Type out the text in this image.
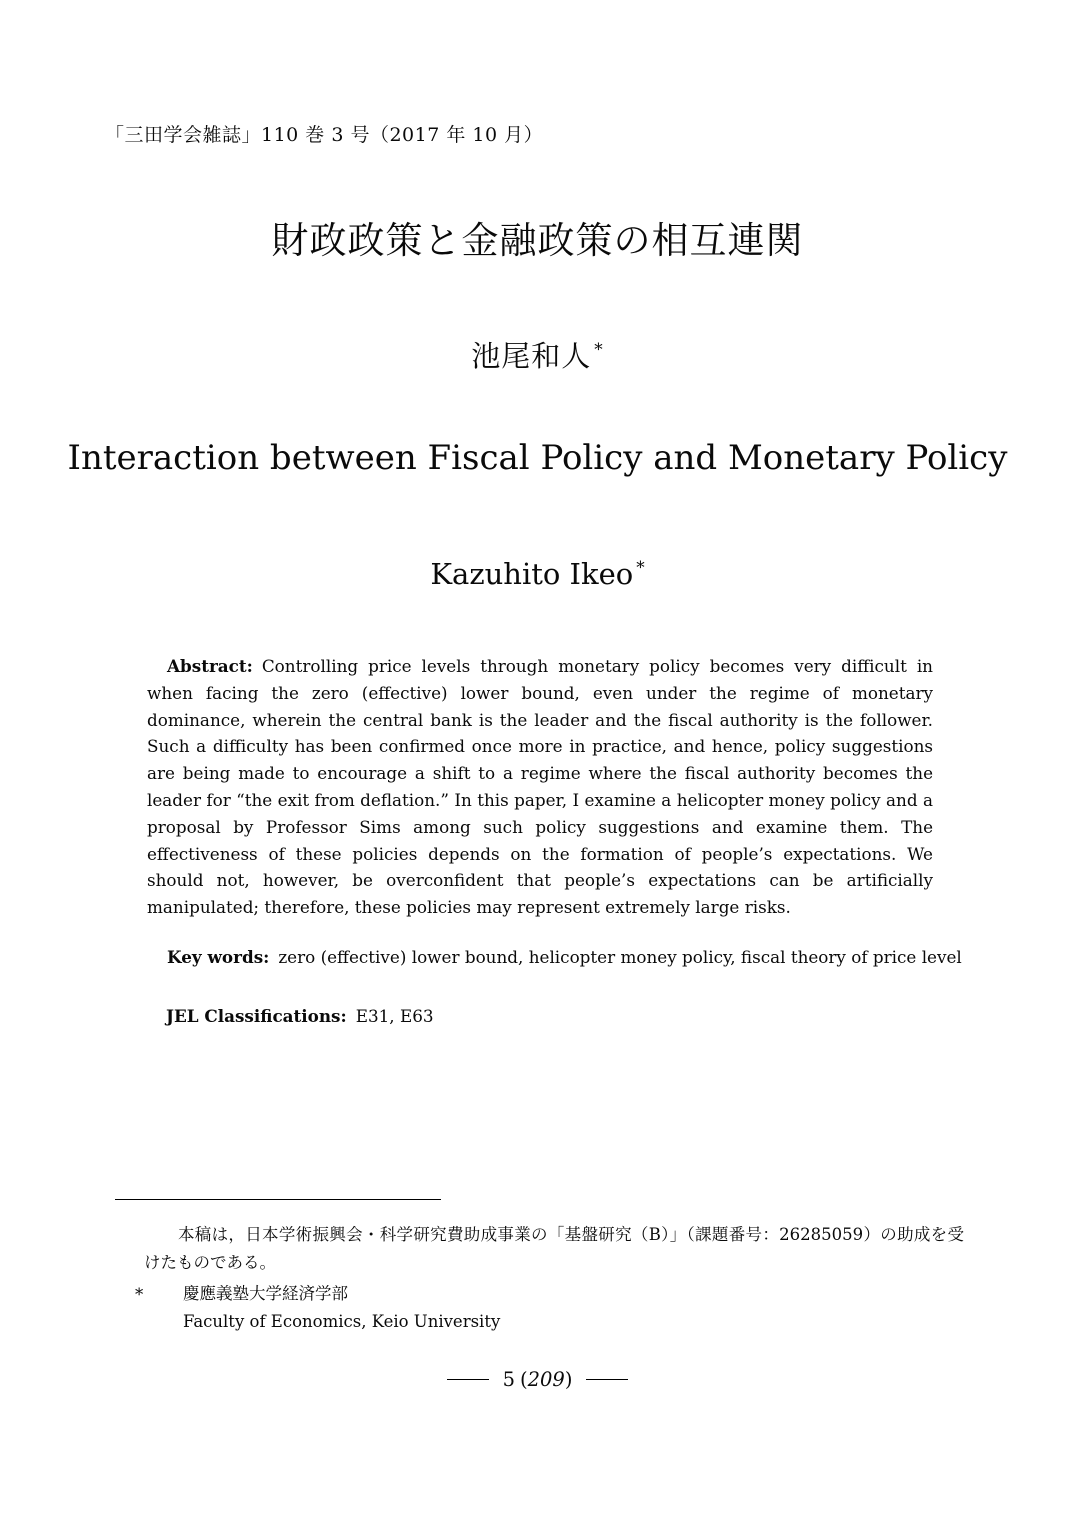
「三田学会雑誌」110 巻 3 号（2017 年 10 月）
財政政策と金融政策の相互連関
池尾和人 *
Interaction between Fiscal Policy and Monetary Policy
Kazuhito Ikeo *

Abstract: Controlling price levels through monetary policy becomes very difficult in when facing the zero (effective) lower bound, even under the regime of monetary dominance, wherein the central bank is the leader and the fiscal authority is the follower. Such a difficulty has been confirmed once more in practice, and hence, policy suggestions are being made to encourage a shift to a regime where the fiscal authority becomes the leader for “the exit from deflation.” In this paper, I examine a helicopter money policy and a proposal by Professor Sims among such policy suggestions and examine them. The effectiveness of these policies depends on the formation of people’s expectations. We should not, however, be overconfident that people’s expectations can be artificially manipulated; therefore, these policies may represent extremely large risks.

Key words: zero (effective) lower bound, helicopter money policy, fiscal theory of price level
JEL Classifications: E31, E63

本稿は，日本学術振興会・科学研究費助成事業の「基盤研究（B）」（課題番号：26285059）の助成を受けたものである。

* 慶應義塾大学経済学部
Faculty of Economics, Keio University
5 (209)
